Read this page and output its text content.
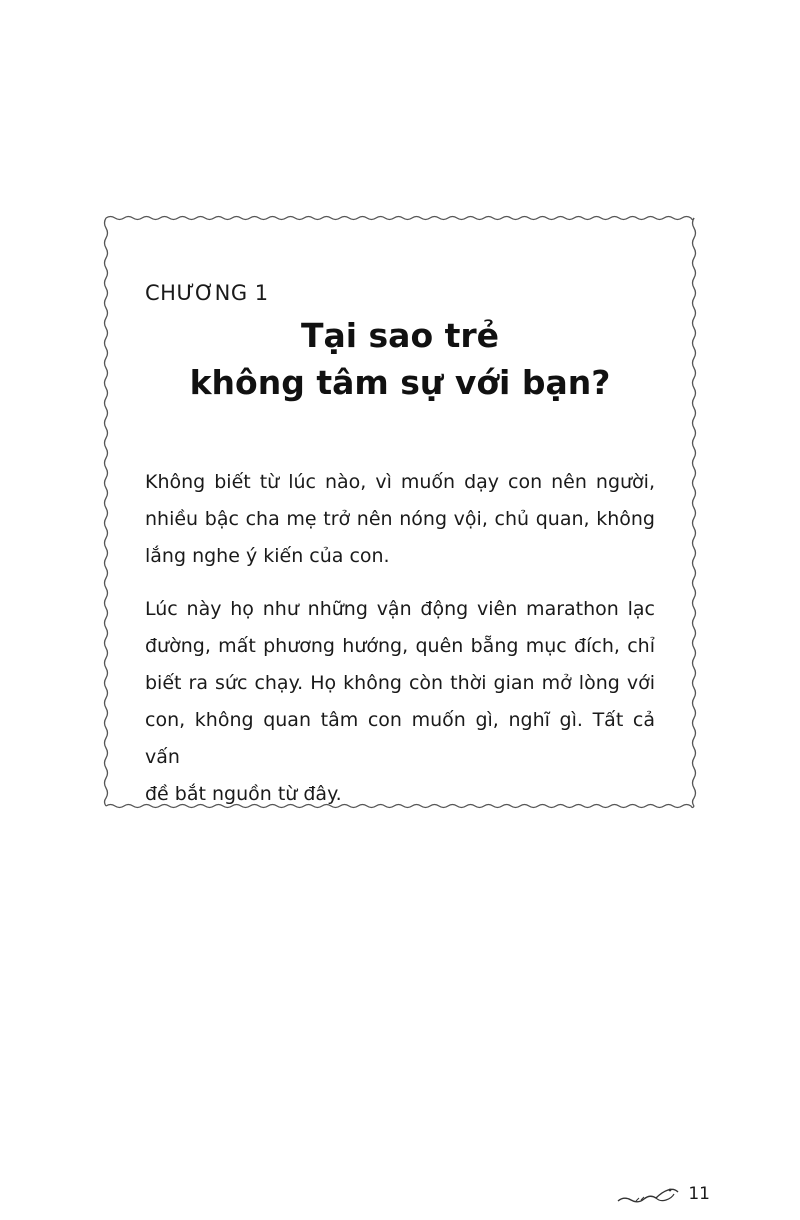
CHƯƠNG 1
Tại sao trẻ
không tâm sự với bạn?

Không biết từ lúc nào, vì muốn dạy con nên người,
nhiều bậc cha mẹ trở nên nóng vội, chủ quan, không
lắng nghe ý kiến của con.

Lúc này họ như những vận động viên marathon lạc
đường, mất phương hướng, quên bẵng mục đích, chỉ
biết ra sức chạy. Họ không còn thời gian mở lòng với
con, không quan tâm con muốn gì, nghĩ gì. Tất cả vấn
đề bắt nguồn từ đây.

11
